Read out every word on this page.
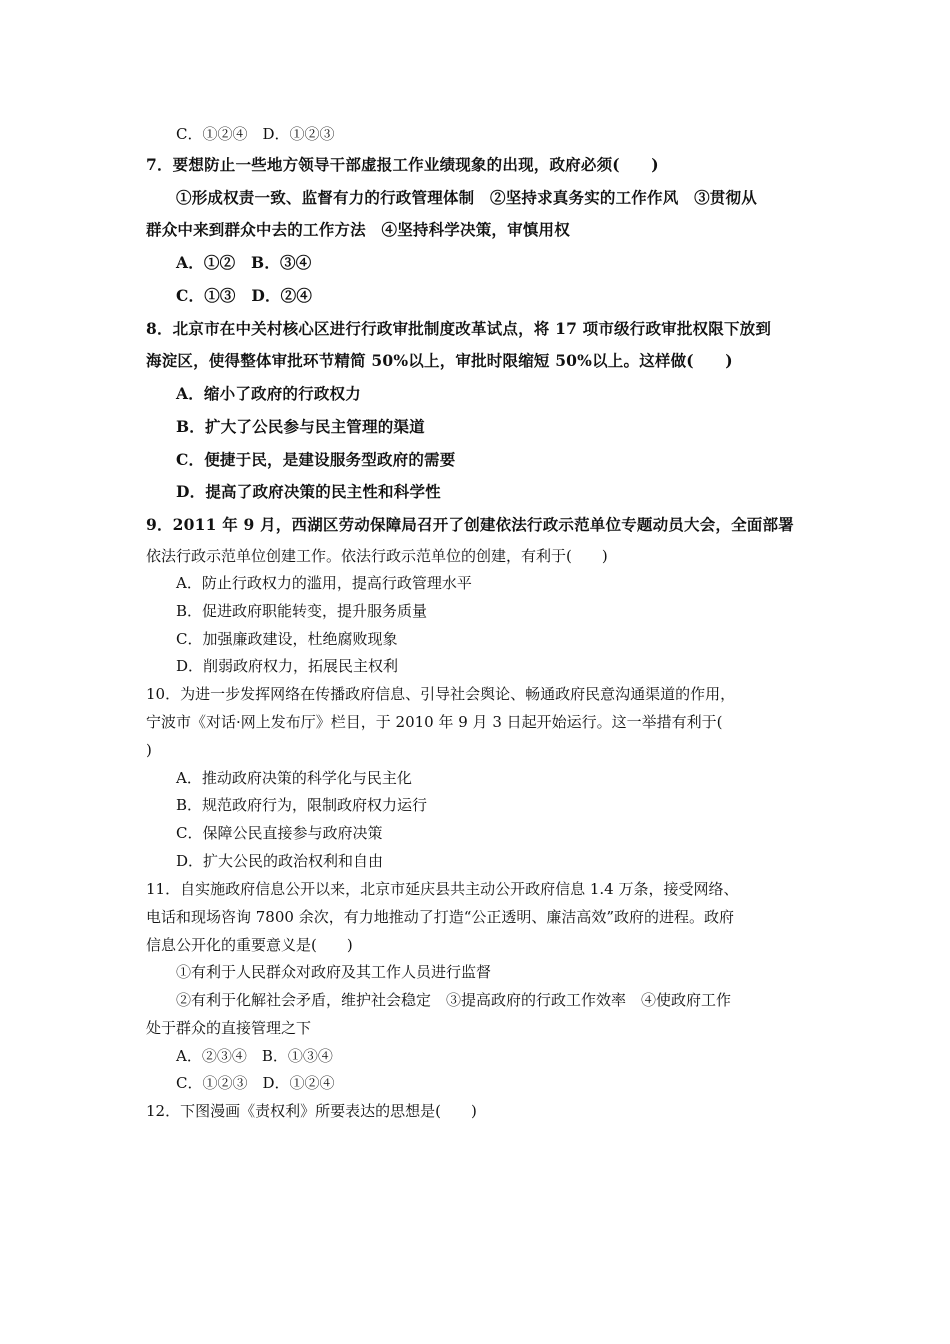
C．①②④　D．①②③
7．要想防止一些地方领导干部虚报工作业绩现象的出现，政府必须(　　)
①形成权责一致、监督有力的行政管理体制　②坚持求真务实的工作作风　③贯彻从
群众中来到群众中去的工作方法　④坚持科学决策，审慎用权
A．①②　B．③④
C．①③　D．②④
8．北京市在中关村核心区进行行政审批制度改革试点，将 17 项市级行政审批权限下放到
海淀区，使得整体审批环节精简 50%以上，审批时限缩短 50%以上。这样做(　　)
A．缩小了政府的行政权力
B．扩大了公民参与民主管理的渠道
C．便捷于民，是建设服务型政府的需要
D．提高了政府决策的民主性和科学性
9．2011 年 9 月，西湖区劳动保障局召开了创建依法行政示范单位专题动员大会，全面部署
依法行政示范单位创建工作。依法行政示范单位的创建，有利于(　　)
A．防止行政权力的滥用，提高行政管理水平
B．促进政府职能转变，提升服务质量
C．加强廉政建设，杜绝腐败现象
D．削弱政府权力，拓展民主权利
10．为进一步发挥网络在传播政府信息、引导社会舆论、畅通政府民意沟通渠道的作用，
宁波市《对话·网上发布厅》栏目，于 2010 年 9 月 3 日起开始运行。这一举措有利于(
)
A．推动政府决策的科学化与民主化
B．规范政府行为，限制政府权力运行
C．保障公民直接参与政府决策
D．扩大公民的政治权利和自由
11．自实施政府信息公开以来，北京市延庆县共主动公开政府信息 1.4 万条，接受网络、
电话和现场咨询 7800 余次，有力地推动了打造“公正透明、廉洁高效”政府的进程。政府
信息公开化的重要意义是(　　)
①有利于人民群众对政府及其工作人员进行监督
②有利于化解社会矛盾，维护社会稳定　③提高政府的行政工作效率　④使政府工作
处于群众的直接管理之下
A．②③④　B．①③④
C．①②③　D．①②④
12．下图漫画《责权利》所要表达的思想是(　　)
